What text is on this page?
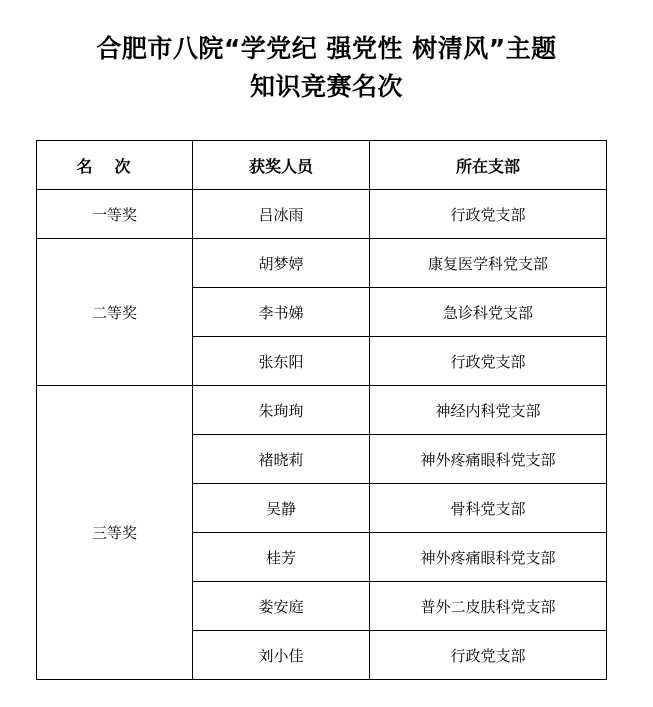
合肥市八院“学党纪 强党性 树清风”主题
知识竞赛名次
名次	获奖人员	所在支部
一等奖	吕冰雨	行政党支部
二等奖	胡梦婷	康复医学科党支部
	李书娣	急诊科党支部
	张东阳	行政党支部
三等奖	朱珣珣	神经内科党支部
	褚晓莉	神外疼痛眼科党支部
	吴静	骨科党支部
	桂芳	神外疼痛眼科党支部
	娄安庭	普外二皮肤科党支部
	刘小佳	行政党支部
